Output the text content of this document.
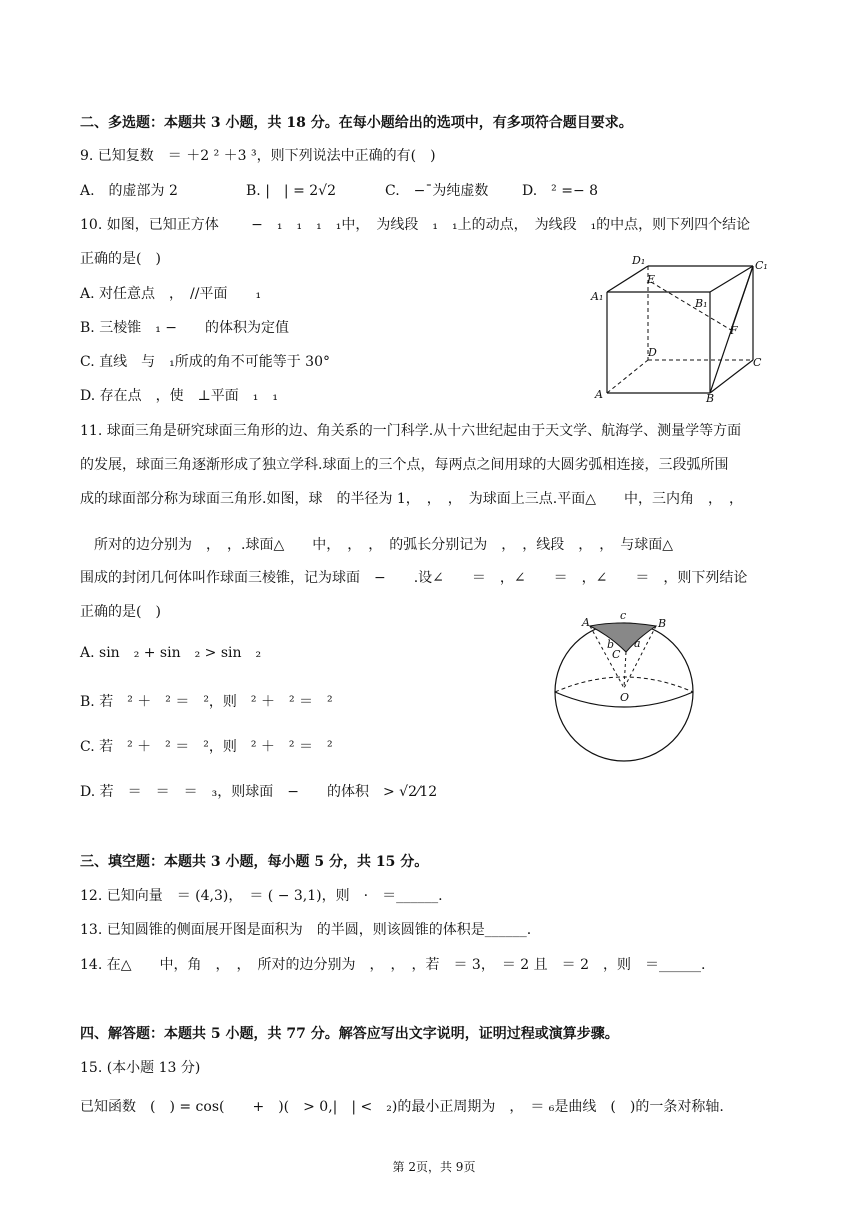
二、多选题：本题共 3 小题，共 18 分。在每小题给出的选项中，有多项符合题目要求。
9. 已知复数　＝ ＋2 ² ＋3 ³，则下列说法中正确的有(　)
A.　的虚部为 2	B. |　| = 2√2	C.　−¯为纯虚数 D.　² =− 8
10. 如图，已知正方体　　 −　₁　₁　₁　₁中，　为线段　₁　₁上的动点，　为线段　₁的中点，则下列四个结论
正确的是(　)
A. 对任意点　，　//平面　　₁
B. 三棱锥　₁ −　　的体积为定值
C. 直线　与　₁所成的角不可能等于 30°
D. 存在点　，使　⊥平面　₁　₁
D₁
E
C₁
A₁
B₁
F
D
C
A	B
11. 球面三角是研究球面三角形的边、角关系的一门科学.从十六世纪起由于天文学、航海学、测量学等方面
的发展，球面三角逐渐形成了独立学科.球面上的三个点，每两点之间用球的大圆劣弧相连接，三段弧所围
成的球面部分称为球面三角形.如图，球　的半径为 1，　，　，　为球面上三点.平面△　　中，三内角　，　，
　所对的边分别为　，　，.球面△　　中，　，　，　的弧长分别记为　，　，线段　，　，　与球面△
围成的封闭几何体叫作球面三棱锥，记为球面　−　　.设∠　　＝　，∠　　＝　，∠　　＝　，则下列结论
正确的是(　)
A. sin　₂ + sin　₂ > sin　₂
B. 若　² ＋　² ＝　²，则　² ＋　² ＝　²
C. 若　² ＋　² ＝　²，则　² ＋　² ＝　²
D. 若　＝　＝　＝　₃，则球面　−　　的体积　> √2⁄12
A
c
B
b a
C
O
三、填空题：本题共 3 小题，每小题 5 分，共 15 分。
12. 已知向量　＝ (4,3)，　＝ ( − 3,1)，则　·　＝______.
13. 已知圆锥的侧面展开图是面积为　的半圆，则该圆锥的体积是______.
14. 在△　　中，角　，　，　所对的边分别为　，　，　，若　＝ 3，　＝ 2 且　＝ 2　，则　＝______.
四、解答题：本题共 5 小题，共 77 分。解答应写出文字说明，证明过程或演算步骤。
15. (本小题 13 分)
已知函数　(　) = cos(　　+　)(　> 0,|　| <　₂)的最小正周期为　，　＝ ₆是曲线　(　)的一条对称轴.
第 2页，共 9页
